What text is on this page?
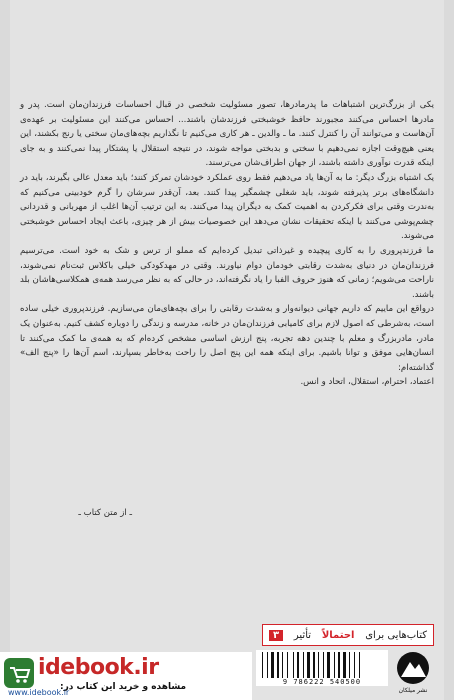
یکی از بزرگ‌ترین اشتباهات ما پدرمادرها، تصور مسئولیت شخصی در قبال احساسات فرزندان‌مان است. پدر و مادرها احساس می‌کنند مجبورند حافظ خوشبختی فرزندشان باشند... احساس می‌کنند این مسئولیت بر عهده‌ی آن‌هاست و می‌توانند آن را کنترل کنند. ما ـ والدین ـ هر کاری می‌کنیم تا نگذاریم بچه‌های‌مان سختی یا رنج بکشند، این یعنی هیچ‌وقت اجازه نمی‌دهیم با سختی و بدبختی مواجه شوند، در نتیجه استقلال یا پشتکار پیدا نمی‌کنند و به جای اینکه قدرت نوآوری داشته باشند، از جهان اطراف‌شان می‌ترسند.

یک اشتباه بزرگ دیگر: ما به آن‌ها یاد می‌دهیم فقط روی عملکرد خودشان تمرکز کنند؛ باید معدل عالی بگیرند، باید در دانشگاه‌های برتر پذیرفته شوند، باید شغلی چشمگیر پیدا کنند. بعد، آن‌قدر سرشان را گرم خودبینی می‌کنیم که به‌ندرت وقتی برای فکرکردن به اهمیت کمک به دیگران پیدا می‌کنند. به این ترتیب آن‌ها اغلب از مهربانی و قدردانی چشم‌پوشی می‌کنند با اینکه تحقیقات نشان می‌دهد این خصوصیات بیش از هر چیزی، باعث ایجاد احساس خوشبختی می‌شوند.

ما فرزندپروری را به کاری پیچیده و غیرذاتی تبدیل کرده‌ایم که مملو از ترس و شک به خود است. می‌ترسیم فرزندان‌مان در دنیای به‌شدت رقابتی خودمان دوام نیاورند. وقتی در مهدکودکی خیلی باکلاس ثبت‌نام نمی‌شوند، ناراحت می‌شویم؛ زمانی که هنوز حروف الفبا را یاد نگرفته‌اند، در حالی که به نظر می‌رسد همه‌ی همکلاسی‌هاشان بلد باشند.

درواقع این ماییم که داریم جهانی دیوانه‌وار و به‌شدت رقابتی را برای بچه‌های‌مان می‌سازیم. فرزندپروری خیلی ساده است، به‌شرطی که اصول لازم برای کامیابی فرزندان‌مان در خانه، مدرسه و زندگی را دوباره کشف کنیم. به‌عنوان یک مادر، مادربزرگ و معلم با چندین دهه تجربه، پنج ارزش اساسی مشخص کرده‌ام که به همه‌ی ما کمک می‌کنند تا انسان‌هایی موفق و توانا باشیم. برای اینکه همه این پنج اصل را راحت به‌خاطر بسپارند، اسم آن‌ها را «پنج الف» گذاشته‌ام:

اعتماد، احترام، استقلال، اتحاد و انس.

ـ از متن کتاب ـ
کتاب‌هایی برای
احتمالاً
تأثیر
۳
9 786222 540500
نشر میلکان
idebook.ir
مشاهده و خرید این کتاب در:
www.idebook.ir
